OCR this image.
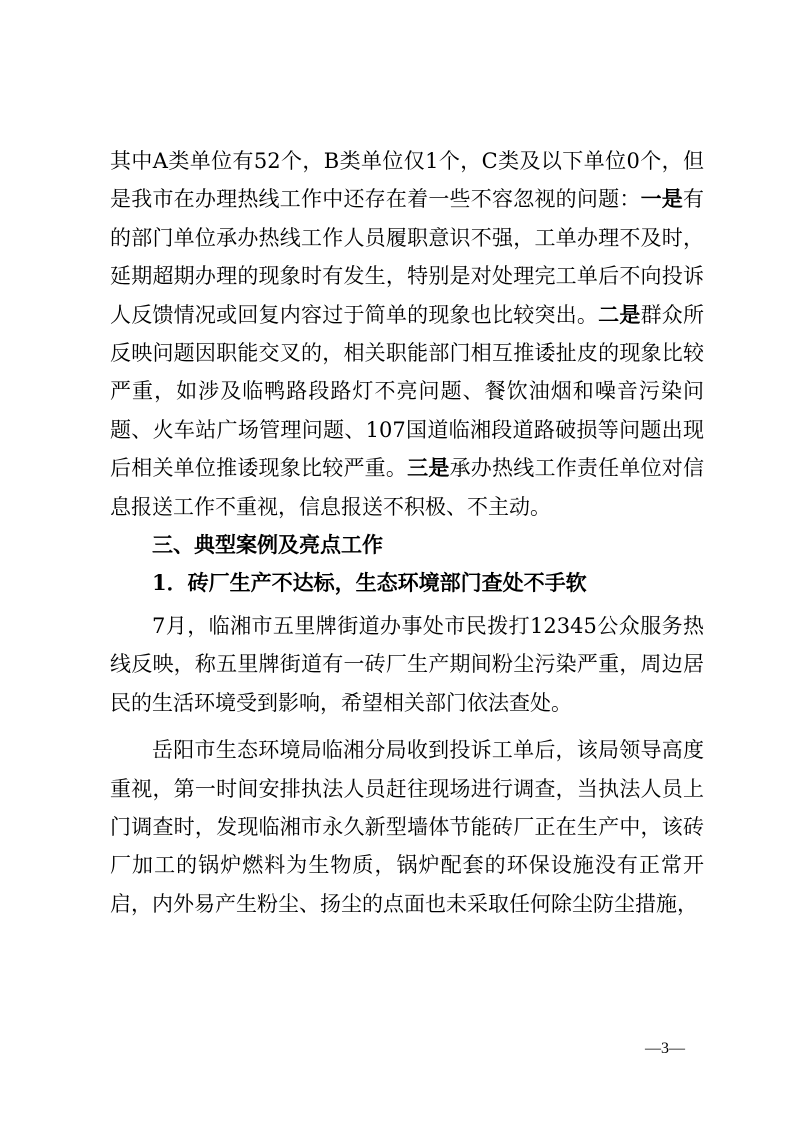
其中A类单位有52个，B类单位仅1个，C类及以下单位0个，但是我市在办理热线工作中还存在着一些不容忽视的问题：一是有的部门单位承办热线工作人员履职意识不强，工单办理不及时，延期超期办理的现象时有发生，特别是对处理完工单后不向投诉人反馈情况或回复内容过于简单的现象也比较突出。二是群众所反映问题因职能交叉的，相关职能部门相互推诿扯皮的现象比较严重，如涉及临鸭路段路灯不亮问题、餐饮油烟和噪音污染问题、火车站广场管理问题、107国道临湘段道路破损等问题出现后相关单位推诿现象比较严重。三是承办热线工作责任单位对信息报送工作不重视，信息报送不积极、不主动。

三、典型案例及亮点工作

1．砖厂生产不达标，生态环境部门查处不手软

7月，临湘市五里牌街道办事处市民拨打12345公众服务热线反映，称五里牌街道有一砖厂生产期间粉尘污染严重，周边居民的生活环境受到影响，希望相关部门依法查处。

岳阳市生态环境局临湘分局收到投诉工单后，该局领导高度重视，第一时间安排执法人员赶往现场进行调查，当执法人员上门调查时，发现临湘市永久新型墙体节能砖厂正在生产中，该砖厂加工的锅炉燃料为生物质，锅炉配套的环保设施没有正常开启，内外易产生粉尘、扬尘的点面也未采取任何除尘防尘措施，

—3—
